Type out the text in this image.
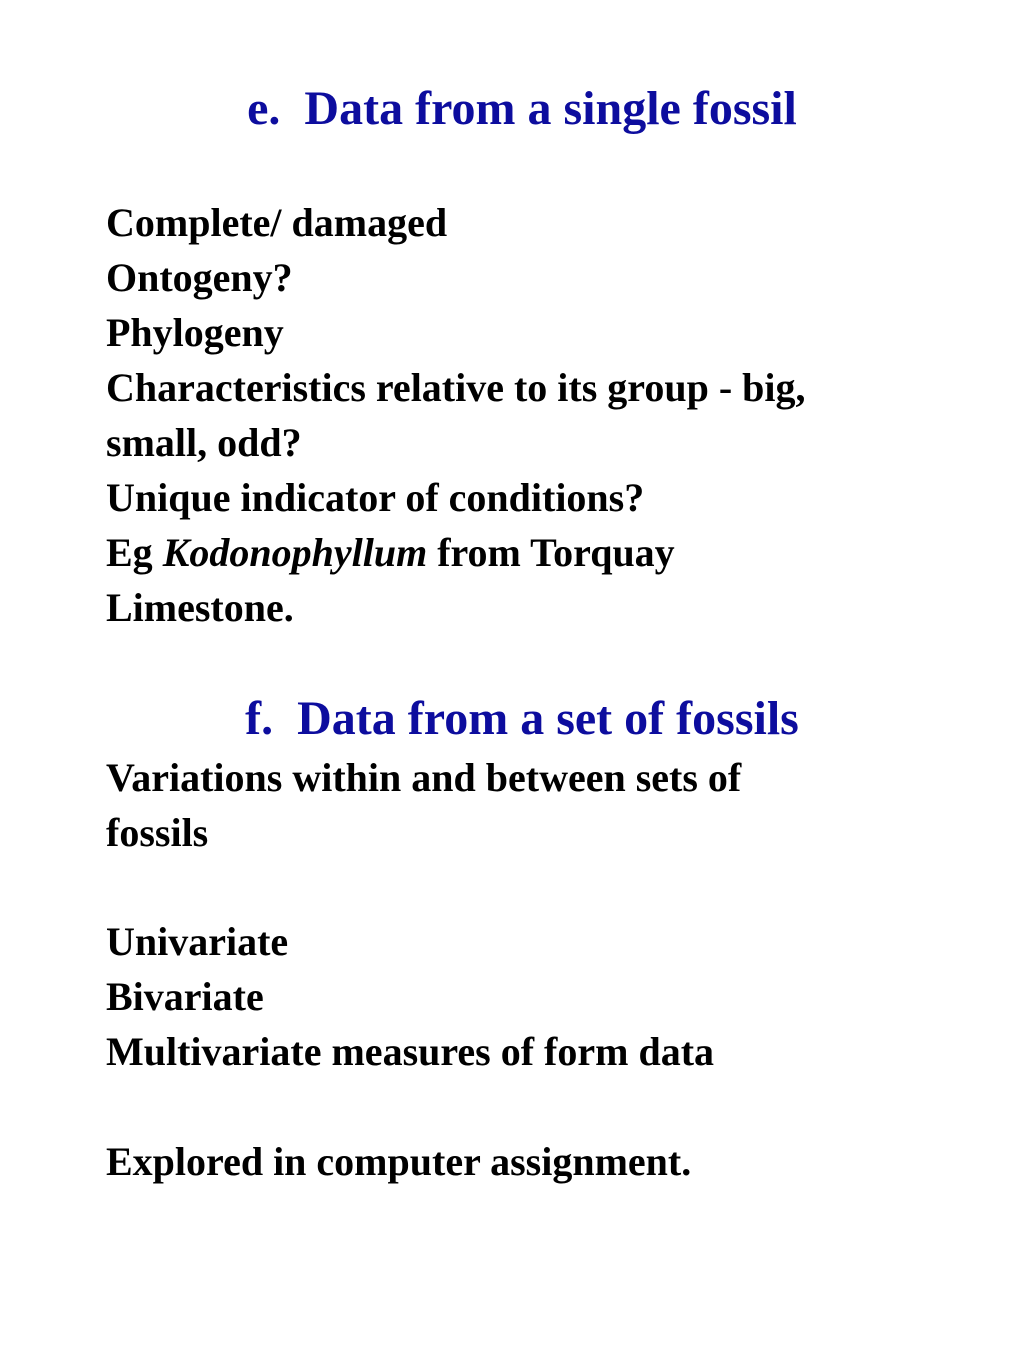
e.  Data from a single fossil
Complete/ damaged
Ontogeny?
Phylogeny
Characteristics relative to its group - big,
small, odd?
Unique indicator of conditions?
Eg Kodonophyllum from Torquay
Limestone.
f.  Data from a set of fossils
Variations within and between sets of
fossils
Univariate
Bivariate
Multivariate measures of form data
Explored in computer assignment.
